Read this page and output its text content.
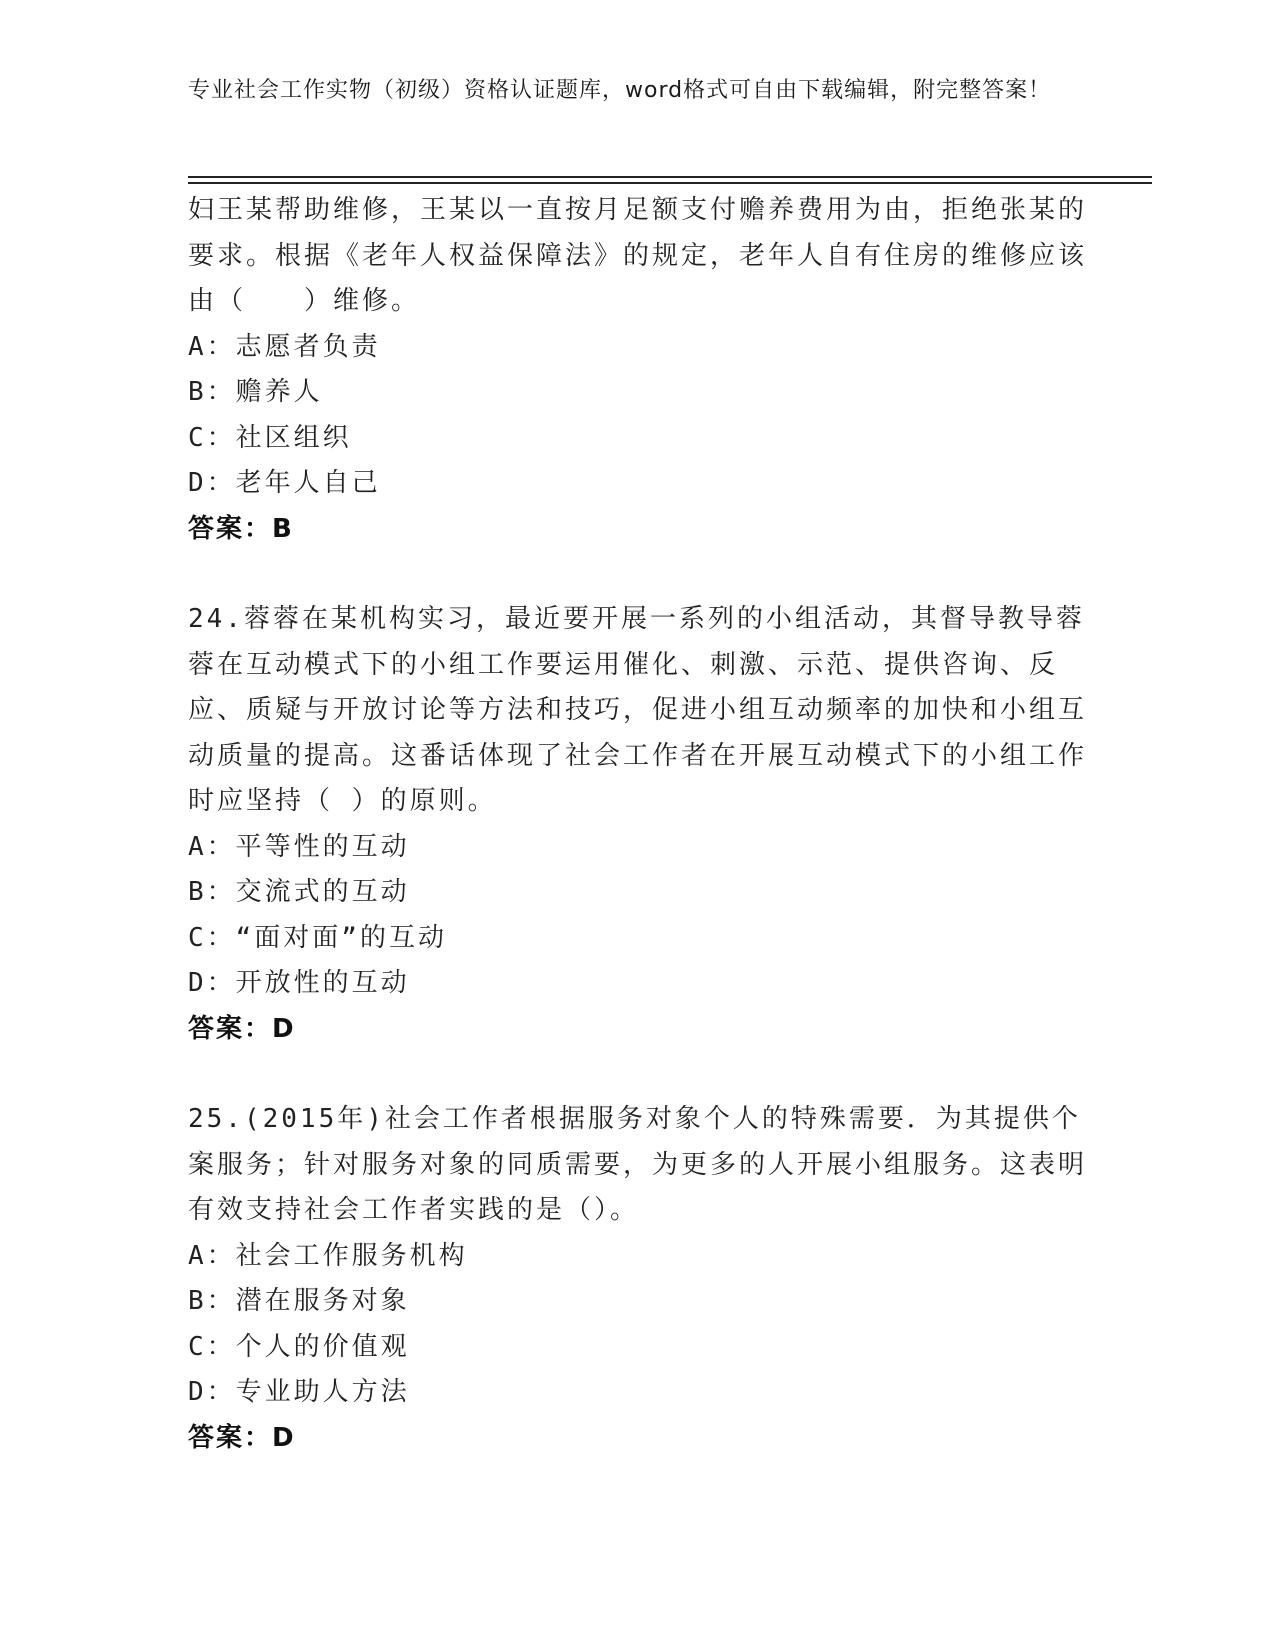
专业社会工作实物（初级）资格认证题库，word格式可自由下载编辑，附完整答案！

妇王某帮助维修，王某以一直按月足额支付赡养费用为由，拒绝张某的要求。根据《老年人权益保障法》的规定，老年人自有住房的维修应该由（　　）维修。

A：志愿者负责

B：赡养人

C：社区组织

D：老年人自己

答案：B

24.蓉蓉在某机构实习，最近要开展一系列的小组活动，其督导教导蓉蓉在互动模式下的小组工作要运用催化、刺激、示范、提供咨询、反应、质疑与开放讨论等方法和技巧，促进小组互动频率的加快和小组互动质量的提高。这番话体现了社会工作者在开展互动模式下的小组工作时应坚持（ ）的原则。

A：平等性的互动

B：交流式的互动

C：“面对面”的互动

D：开放性的互动

答案：D

25.(2015年)社会工作者根据服务对象个人的特殊需要．为其提供个案服务；针对服务对象的同质需要，为更多的人开展小组服务。这表明有效支持社会工作者实践的是（）。

A：社会工作服务机构

B：潜在服务对象

C：个人的价值观

D：专业助人方法

答案：D
